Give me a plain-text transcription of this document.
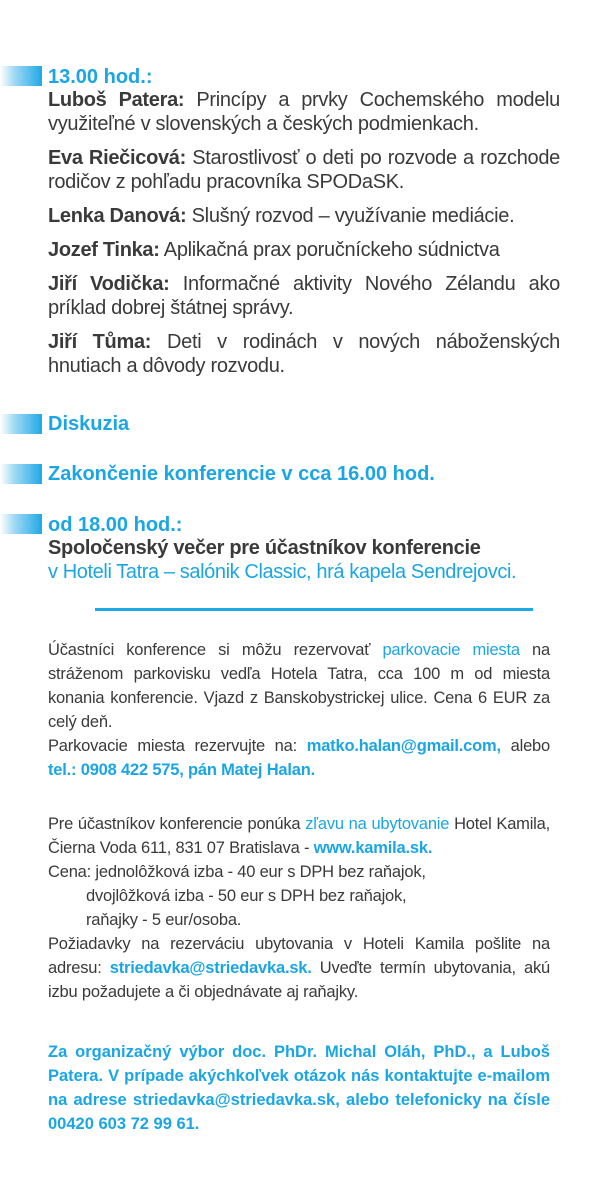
13.00 hod.:

Luboš Patera: Princípy a prvky Cochemského modelu využiteľné v slovenských a českých podmienkach.

Eva Riečicová: Starostlivosť o deti po rozvode a rozchode rodičov z pohľadu pracovníka SPODaSK.

Lenka Danová: Slušný rozvod – využívanie mediácie.

Jozef Tinka: Aplikačná prax poručníckeho súdnictva

Jiří Vodička: Informačné aktivity Nového Zélandu ako príklad dobrej štátnej správy.

Jiří Tůma: Deti v rodinách v nových náboženských hnutiach a dôvody rozvodu.

Diskuzia
Zakončenie konferencie v cca 16.00 hod.
od 18.00 hod.:
Spoločenský večer pre účastníkov konferencie
v Hoteli Tatra – salónik Classic, hrá kapela Sendrejovci.

Účastníci konference si môžu rezervovať parkovacie miesta na stráženom parkovisku vedľa Hotela Tatra, cca 100 m od miesta konania konferencie. Vjazd z Banskobystrickej ulice. Cena 6 EUR za celý deň.

Parkovacie miesta rezervujte na: matko.halan@gmail.com, alebo tel.: 0908 422 575, pán Matej Halan.

Pre účastníkov konferencie ponúka zľavu na ubytovanie Hotel Kamila, Čierna Voda 611, 831 07 Bratislava - www.kamila.sk.

Cena: jednolôžková izba - 40 eur s DPH bez raňajok,

dvojlôžková izba - 50 eur s DPH bez raňajok,

raňajky - 5 eur/osoba.

Požiadavky na rezerváciu ubytovania v Hoteli Kamila pošlite na adresu: striedavka@striedavka.sk. Uveďte termín ubytovania, akú izbu požadujete a či objednávate aj raňajky.

Za organizačný výbor doc. PhDr. Michal Oláh, PhD., a Luboš Patera. V prípade akýchkoľvek otázok nás kontaktujte e-mailom na adrese striedavka@striedavka.sk, alebo telefonicky na čísle 00420 603 72 99 61.
